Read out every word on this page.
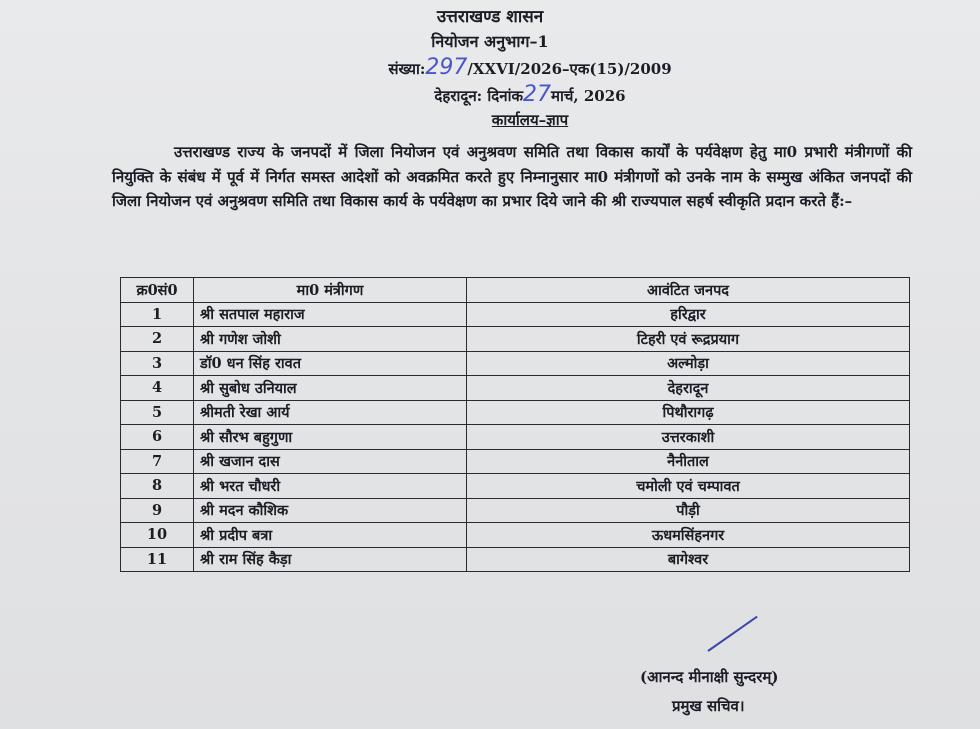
उत्तराखण्ड शासन
नियोजन अनुभाग–1
संख्या:297/XXVI/2026–एक(15)/2009
देहरादून: दिनांक27मार्च, 2026
कार्यालय–ज्ञाप

उत्तराखण्ड राज्य के जनपदों में जिला नियोजन एवं अनुश्रवण समिति तथा विकास कार्यों के पर्यवेक्षण हेतु मा0 प्रभारी मंत्रीगणों की नियुक्ति के संबंध में पूर्व में निर्गत समस्त आदेशों को अवक्रमित करते हुए निम्नानुसार मा0 मंत्रीगणों को उनके नाम के सम्मुख अंकित जनपदों की जिला नियोजन एवं अनुश्रवण समिति तथा विकास कार्य के पर्यवेक्षण का प्रभार दिये जाने की श्री राज्यपाल सहर्ष स्वीकृति प्रदान करते हैं:–

क्र0सं0	मा0 मंत्रीगण	आवंटित जनपद
1	श्री सतपाल महाराज	हरिद्वार
2	श्री गणेश जोशी	टिहरी एवं रूद्रप्रयाग
3	डॉ0 धन सिंह रावत	अल्मोड़ा
4	श्री सुबोध उनियाल	देहरादून
5	श्रीमती रेखा आर्य	पिथौरागढ़
6	श्री सौरभ बहुगुणा	उत्तरकाशी
7	श्री खजान दास	नैनीताल
8	श्री भरत चौधरी	चमोली एवं चम्पावत
9	श्री मदन कौशिक	पौड़ी
10	श्री प्रदीप बत्रा	ऊधमसिंहनगर
11	श्री राम सिंह कैड़ा	बागेश्वर
(आनन्द मीनाक्षी सुन्दरम्)
प्रमुख सचिव।
